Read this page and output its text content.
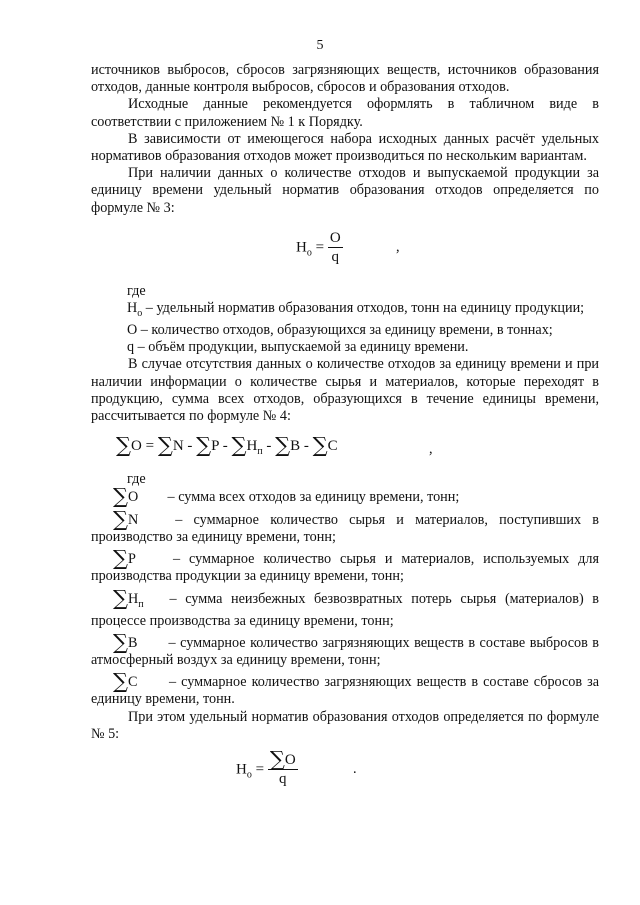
5

источников выбросов, сбросов загрязняющих веществ, источников образования отходов, данные контроля выбросов, сбросов и образования отходов.

Исходные данные рекомендуется оформлять в табличном виде в соответствии с приложением № 1 к Порядку.

В зависимости от имеющегося набора исходных данных расчёт удельных нормативов образования отходов может производиться по нескольким вариантам.

При наличии данных о количестве отходов и выпускаемой продукции за единицу времени удельный норматив образования отходов определяется по формуле № 3:

$Н_о = \frac{O}{q}$	,

где

$Н_о$ – удельный норматив образования отходов, тонн на единицу продукции;

О – количество отходов, образующихся за единицу времени, в тоннах;

q – объём продукции, выпускаемой за единицу времени.

В случае отсутствия данных о количестве отходов за единицу времени и при наличии информации о количестве сырья и материалов, которые переходят в продукцию, сумма всех отходов, образующихся в течение единицы времени, рассчитывается по формуле № 4:

$\sum О = \sum N - \sum P - \sum Н_п - \sum В - \sum С$	,

где

∑О – сумма всех отходов за единицу времени, тонн;

∑N	– суммарное количество сырья и материалов, поступивших в производство за единицу времени, тонн;

∑P	– суммарное количество сырья и материалов, используемых для производства продукции за единицу времени, тонн;

$\sum Н_п$ – сумма неизбежных безвозвратных потерь сырья (материалов) в процессе производства за единицу времени, тонн;

∑В – суммарное количество загрязняющих веществ в составе выбросов в атмосферный воздух за единицу времени, тонн;

∑С – суммарное количество загрязняющих веществ в составе сбросов за единицу времени, тонн.

При этом удельный норматив образования отходов определяется по формуле № 5:

$Н_о = \frac{\sum О}{q}$	.
